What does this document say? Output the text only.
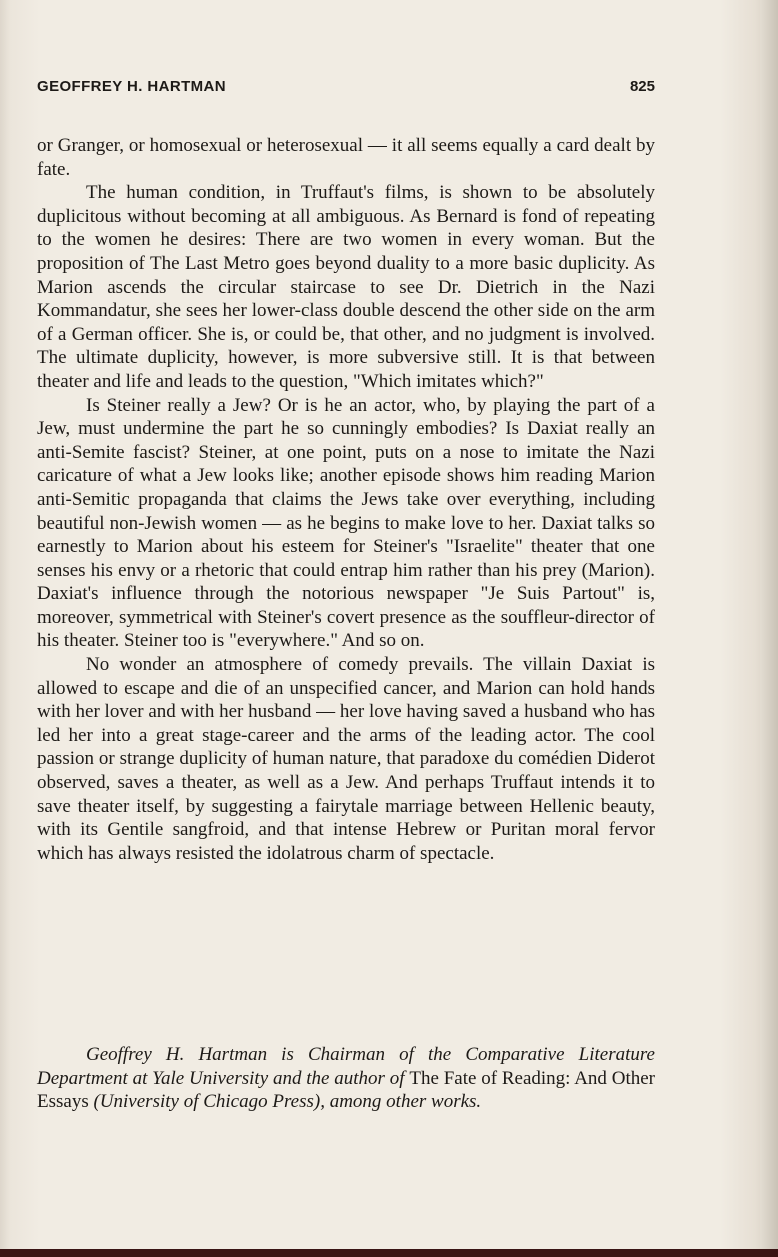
GEOFFREY H. HARTMAN	825

or Granger, or homosexual or heterosexual — it all seems equally a card dealt by fate.

The human condition, in Truffaut's films, is shown to be absolutely duplicitous without becoming at all ambiguous. As Bernard is fond of repeating to the women he desires: There are two women in every woman. But the proposition of The Last Metro goes beyond duality to a more basic duplicity. As Marion ascends the circular staircase to see Dr. Dietrich in the Nazi Kommandatur, she sees her lower-class double descend the other side on the arm of a German officer. She is, or could be, that other, and no judgment is involved. The ultimate duplicity, however, is more subversive still. It is that between theater and life and leads to the question, "Which imitates which?"

Is Steiner really a Jew? Or is he an actor, who, by playing the part of a Jew, must undermine the part he so cunningly embodies? Is Daxiat really an anti-Semite fascist? Steiner, at one point, puts on a nose to imitate the Nazi caricature of what a Jew looks like; another episode shows him reading Marion anti-Semitic propaganda that claims the Jews take over everything, including beautiful non-Jewish women — as he begins to make love to her. Daxiat talks so earnestly to Marion about his esteem for Steiner's "Israelite" theater that one senses his envy or a rhetoric that could entrap him rather than his prey (Marion). Daxiat's influence through the notorious newspaper "Je Suis Partout" is, moreover, symmetrical with Steiner's covert presence as the souffleur-director of his theater. Steiner too is "everywhere." And so on.

No wonder an atmosphere of comedy prevails. The villain Daxiat is allowed to escape and die of an unspecified cancer, and Marion can hold hands with her lover and with her husband — her love having saved a husband who has led her into a great stage-career and the arms of the leading actor. The cool passion or strange duplicity of human nature, that paradoxe du comédien Diderot observed, saves a theater, as well as a Jew. And perhaps Truffaut intends it to save theater itself, by suggesting a fairytale marriage between Hellenic beauty, with its Gentile sangfroid, and that intense Hebrew or Puritan moral fervor which has always resisted the idolatrous charm of spectacle.

Geoffrey H. Hartman is Chairman of the Comparative Literature Department at Yale University and the author of The Fate of Reading: And Other Essays (University of Chicago Press), among other works.
